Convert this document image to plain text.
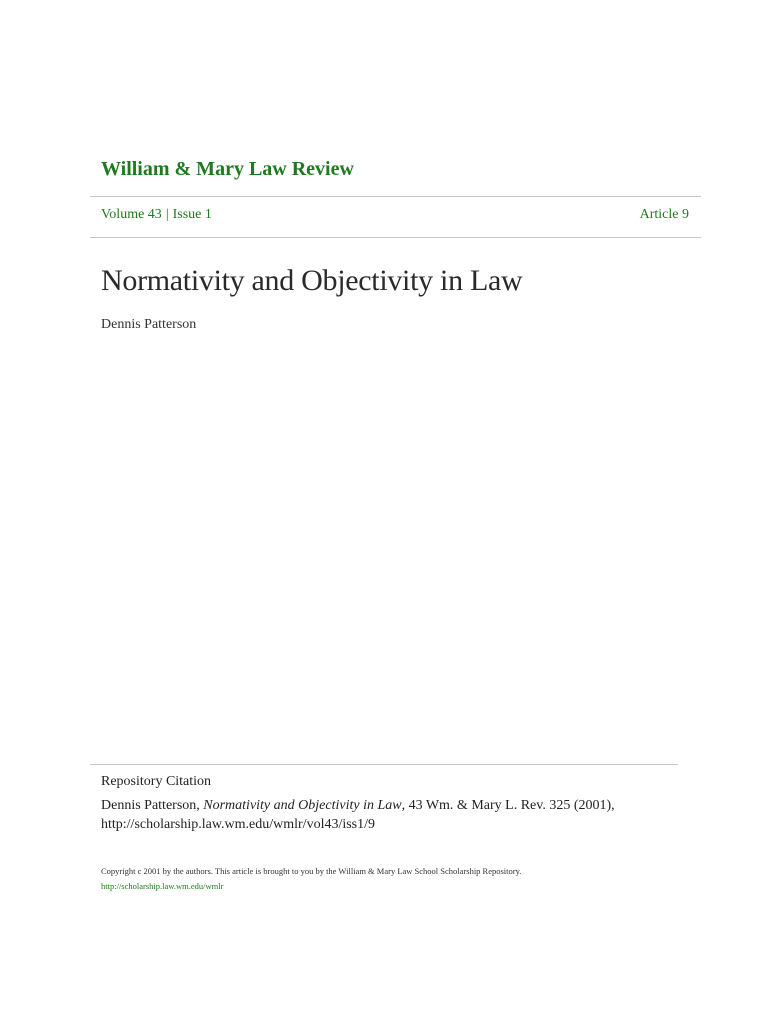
William & Mary Law Review
Volume 43 | Issue 1	Article 9
Normativity and Objectivity in Law
Dennis Patterson
Repository Citation
Dennis Patterson, Normativity and Objectivity in Law, 43 Wm. & Mary L. Rev. 325 (2001),
http://scholarship.law.wm.edu/wmlr/vol43/iss1/9
Copyright c 2001 by the authors. This article is brought to you by the William & Mary Law School Scholarship Repository.
http://scholarship.law.wm.edu/wmlr
